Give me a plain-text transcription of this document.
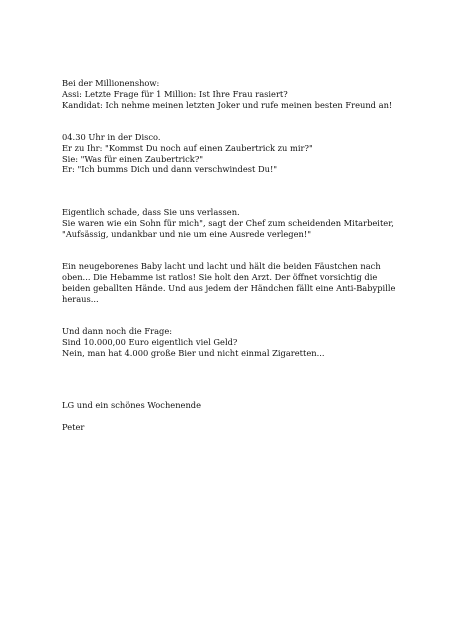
Bei der Millionenshow:
Assi: Letzte Frage für 1 Million: Ist Ihre Frau rasiert?
Kandidat: Ich nehme meinen letzten Joker und rufe meinen besten Freund an!

04.30 Uhr in der Disco.
Er zu Ihr: "Kommst Du noch auf einen Zaubertrick zu mir?"
Sie: "Was für einen Zaubertrick?"
Er: "Ich bumms Dich und dann verschwindest Du!"

Eigentlich schade, dass Sie uns verlassen.
Sie waren wie ein Sohn für mich", sagt der Chef zum scheidenden Mitarbeiter,
"Aufsässig, undankbar und nie um eine Ausrede verlegen!"

Ein neugeborenes Baby lacht und lacht und hält die beiden Fäustchen nach
oben... Die Hebamme ist ratlos! Sie holt den Arzt. Der öffnet vorsichtig die
beiden geballten Hände. Und aus jedem der Händchen fällt eine Anti-Babypille
heraus...

Und dann noch die Frage:
Sind 10.000,00 Euro eigentlich viel Geld?
Nein, man hat 4.000 große Bier und nicht einmal Zigaretten...

LG und ein schönes Wochenende

Peter
